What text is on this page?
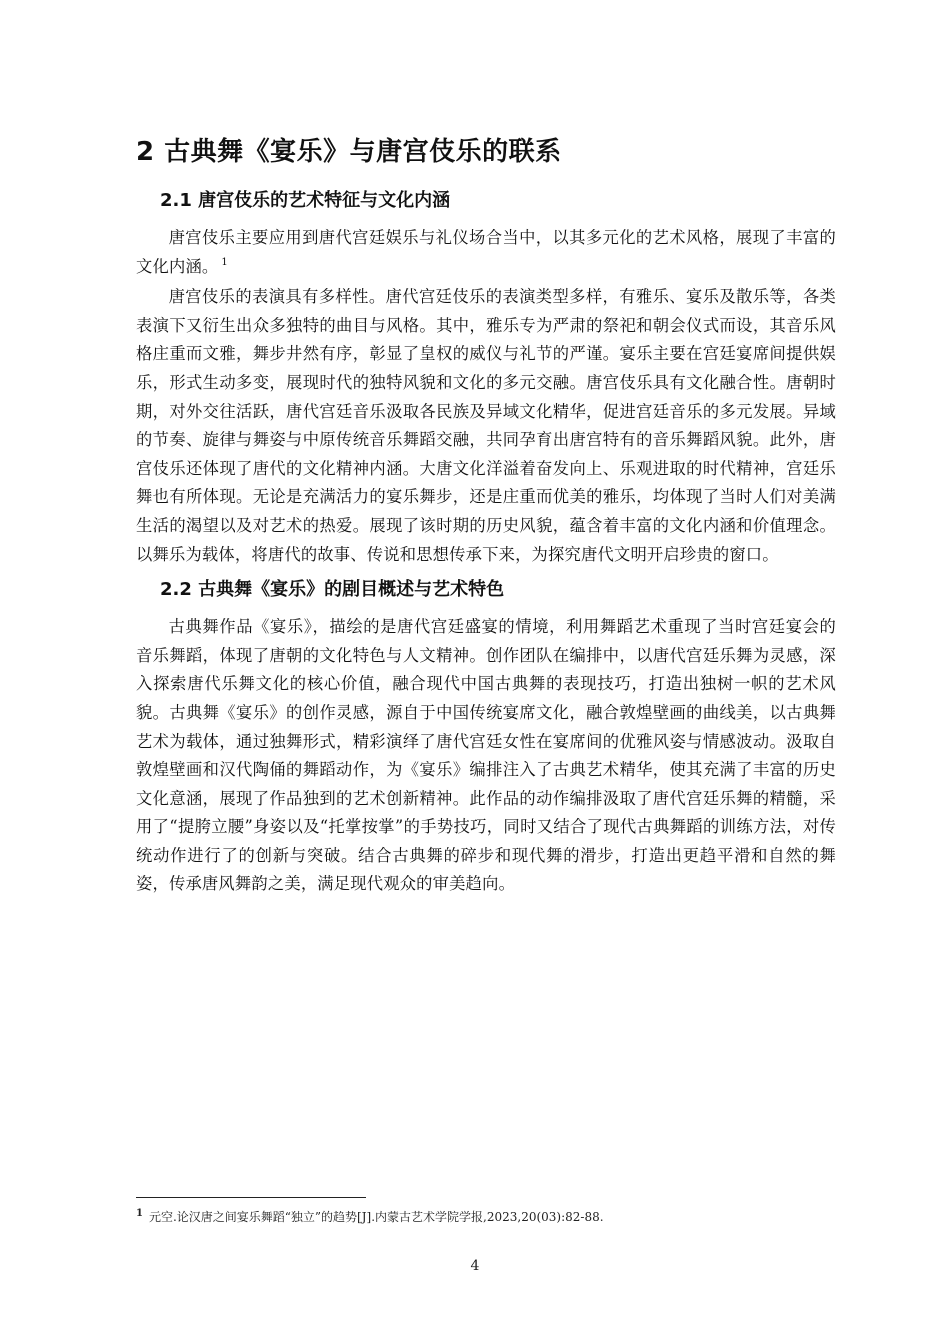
2 古典舞《宴乐》与唐宫伎乐的联系
2.1 唐宫伎乐的艺术特征与文化内涵

唐宫伎乐主要应用到唐代宫廷娱乐与礼仪场合当中，以其多元化的艺术风格，展现了丰富的文化内涵。 $^1$

唐宫伎乐的表演具有多样性。唐代宫廷伎乐的表演类型多样，有雅乐、宴乐及散乐等，各类表演下又衍生出众多独特的曲目与风格。其中，雅乐专为严肃的祭祀和朝会仪式而设，其音乐风格庄重而文雅，舞步井然有序，彰显了皇权的威仪与礼节的严谨。宴乐主要在宫廷宴席间提供娱乐，形式生动多变，展现时代的独特风貌和文化的多元交融。唐宫伎乐具有文化融合性。唐朝时期，对外交往活跃，唐代宫廷音乐汲取各民族及异域文化精华，促进宫廷音乐的多元发展。异域的节奏、旋律与舞姿与中原传统音乐舞蹈交融，共同孕育出唐宫特有的音乐舞蹈风貌。此外，唐宫伎乐还体现了唐代的文化精神内涵。大唐文化洋溢着奋发向上、乐观进取的时代精神，宫廷乐舞也有所体现。无论是充满活力的宴乐舞步，还是庄重而优美的雅乐，均体现了当时人们对美满生活的渴望以及对艺术的热爱。展现了该时期的历史风貌，蕴含着丰富的文化内涵和价值理念。以舞乐为载体，将唐代的故事、传说和思想传承下来，为探究唐代文明开启珍贵的窗口。

2.2 古典舞《宴乐》的剧目概述与艺术特色

古典舞作品《宴乐》，描绘的是唐代宫廷盛宴的情境，利用舞蹈艺术重现了当时宫廷宴会的音乐舞蹈，体现了唐朝的文化特色与人文精神。创作团队在编排中，以唐代宫廷乐舞为灵感，深入探索唐代乐舞文化的核心价值，融合现代中国古典舞的表现技巧，打造出独树一帜的艺术风貌。古典舞《宴乐》的创作灵感，源自于中国传统宴席文化，融合敦煌壁画的曲线美，以古典舞艺术为载体，通过独舞形式，精彩演绎了唐代宫廷女性在宴席间的优雅风姿与情感波动。汲取自敦煌壁画和汉代陶俑的舞蹈动作，为《宴乐》编排注入了古典艺术精华，使其充满了丰富的历史文化意涵，展现了作品独到的艺术创新精神。此作品的动作编排汲取了唐代宫廷乐舞的精髓，采用了“提胯立腰”身姿以及“托掌按掌”的手势技巧，同时又结合了现代古典舞蹈的训练方法，对传统动作进行了的创新与突破。结合古典舞的碎步和现代舞的滑步，打造出更趋平滑和自然的舞姿，传承唐风舞韵之美，满足现代观众的审美趋向。

$^1$ 元空.论汉唐之间宴乐舞蹈“独立”的趋势[J].内蒙古艺术学院学报,2023,20(03):82-88.
4
